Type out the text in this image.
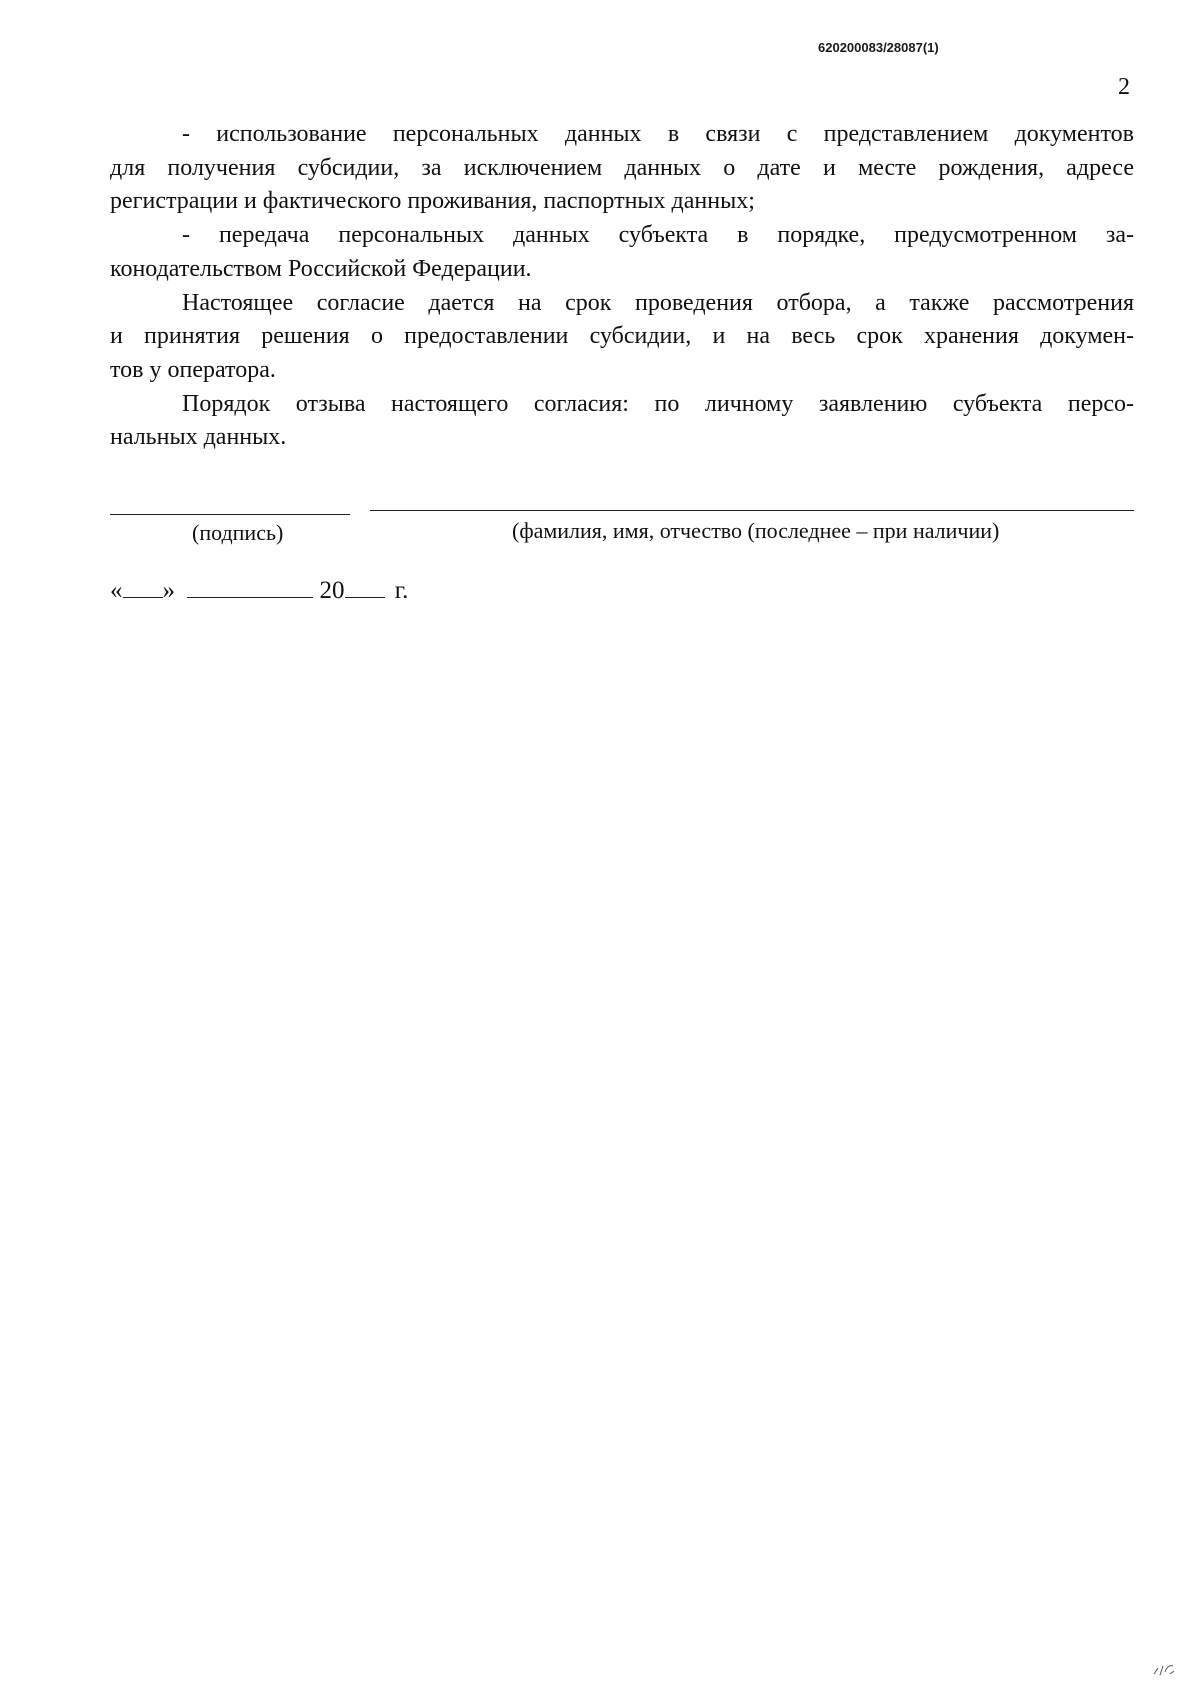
620200083/28087(1)
2

- использование персональных данных в связи с представлением документов
для получения субсидии, за исключением данных о дате и месте рождения, адресе
регистрации и фактического проживания, паспортных данных;

- передача персональных данных субъекта в порядке, предусмотренном за-
конодательством Российской Федерации.

Настоящее согласие дается на срок проведения отбора, а также рассмотрения
и принятия решения о предоставлении субсидии, и на весь срок хранения докумен-
тов у оператора.

Порядок отзыва настоящего согласия: по личному заявлению субъекта персо-
нальных данных.

(подпись)	(фамилия, имя, отчество (последнее – при наличии)
« »	20 г.
